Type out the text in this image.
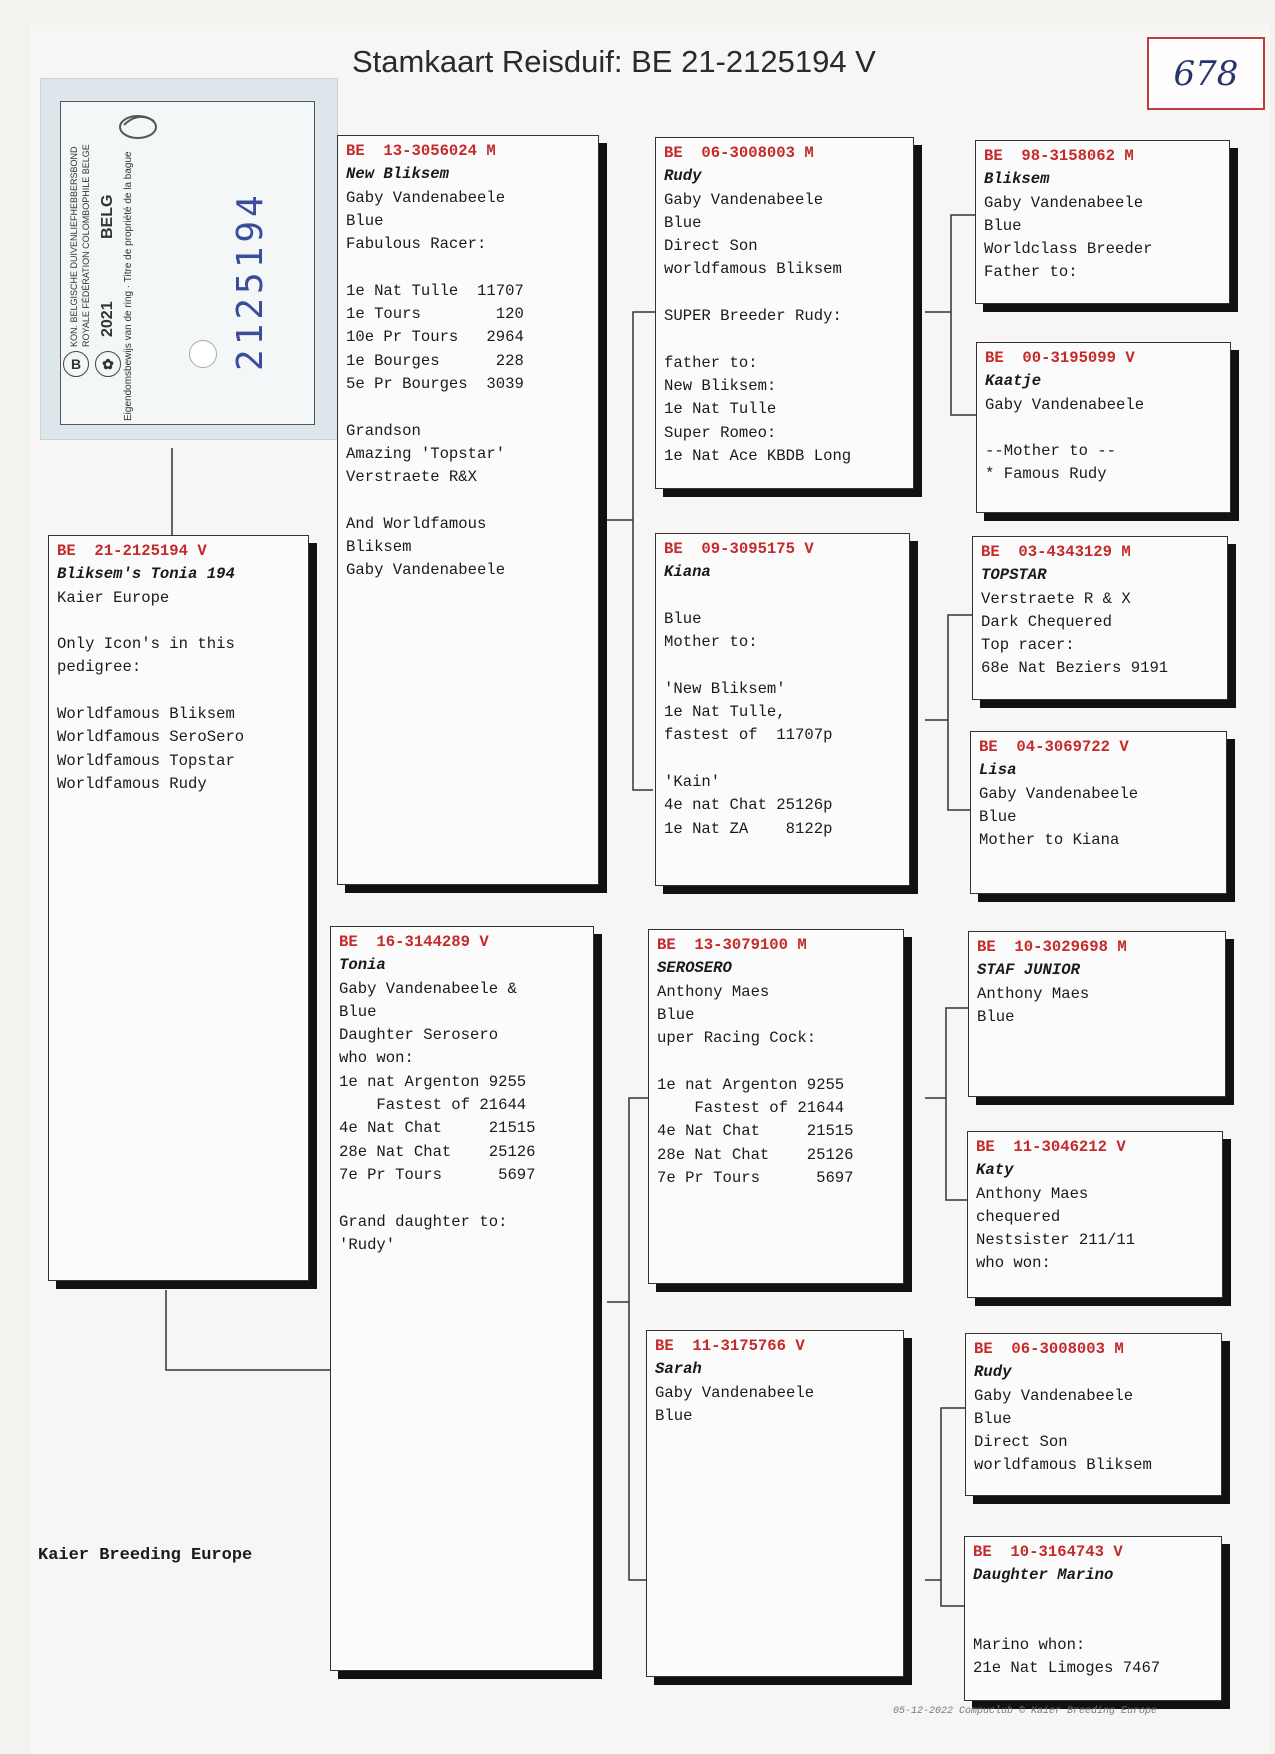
Stamkaart Reisduif: BE 21-2125194 V	678
B	✿
KON. BELGISCHE DUIVENLIEFHEBBERSBOND ROYALE FÉDÉRATION COLOMBOPHILE BELGE 2021
BELG Eigendomsbewijs van de ring · Titre de propriété de la bague	2125194
BE  21-2125194 V
Bliksem's Tonia 194
Kaier Europe
Only Icon's in this
pedigree:
Worldfamous Bliksem
Worldfamous SeroSero
Worldfamous Topstar
Worldfamous Rudy
BE  13-3056024 M
New Bliksem
Gaby Vandenabeele
Blue
Fabulous Racer:
1e Nat Tulle  11707
1e Tours        120
10e Pr Tours   2964
1e Bourges      228
5e Pr Bourges  3039
Grandson
Amazing 'Topstar'
Verstraete R&X
And Worldfamous
Bliksem
Gaby Vandenabeele
BE  16-3144289 V
Tonia
Gaby Vandenabeele &
Blue
Daughter Serosero
who won:
1e nat Argenton 9255
Fastest of 21644
4e Nat Chat     21515
28e Nat Chat    25126
7e Pr Tours      5697
Grand daughter to:
'Rudy'
BE  06-3008003 M
Rudy
Gaby Vandenabeele
Blue
Direct Son
worldfamous Bliksem
SUPER Breeder Rudy:
father to:
New Bliksem:
1e Nat Tulle
Super Romeo:
1e Nat Ace KBDB Long
BE  09-3095175 V
Kiana
Blue
Mother to:
'New Bliksem'
1e Nat Tulle,
fastest of  11707p
'Kain'
4e nat Chat 25126p
1e Nat ZA    8122p
BE  13-3079100 M
SEROSERO
Anthony Maes
Blue
uper Racing Cock:
1e nat Argenton 9255
Fastest of 21644
4e Nat Chat     21515
28e Nat Chat    25126
7e Pr Tours      5697
BE  11-3175766 V
Sarah
Gaby Vandenabeele
Blue
BE  98-3158062 M
Bliksem
Gaby Vandenabeele
Blue
Worldclass Breeder
Father to:
BE  00-3195099 V
Kaatje
Gaby Vandenabeele
--Mother to --
* Famous Rudy
BE  03-4343129 M
TOPSTAR
Verstraete R & X
Dark Chequered
Top racer:
68e Nat Beziers 9191
BE  04-3069722 V
Lisa
Gaby Vandenabeele
Blue
Mother to Kiana
BE  10-3029698 M
STAF JUNIOR
Anthony Maes
Blue
BE  11-3046212 V
Katy
Anthony Maes
chequered
Nestsister 211/11
who won:
BE  06-3008003 M
Rudy
Gaby Vandenabeele
Blue
Direct Son
worldfamous Bliksem
BE  10-3164743 V
Daughter Marino
Marino whon:
21e Nat Limoges 7467
Kaier Breeding Europe
05-12-2022 Compuclub © Kaier Breeding Europe
